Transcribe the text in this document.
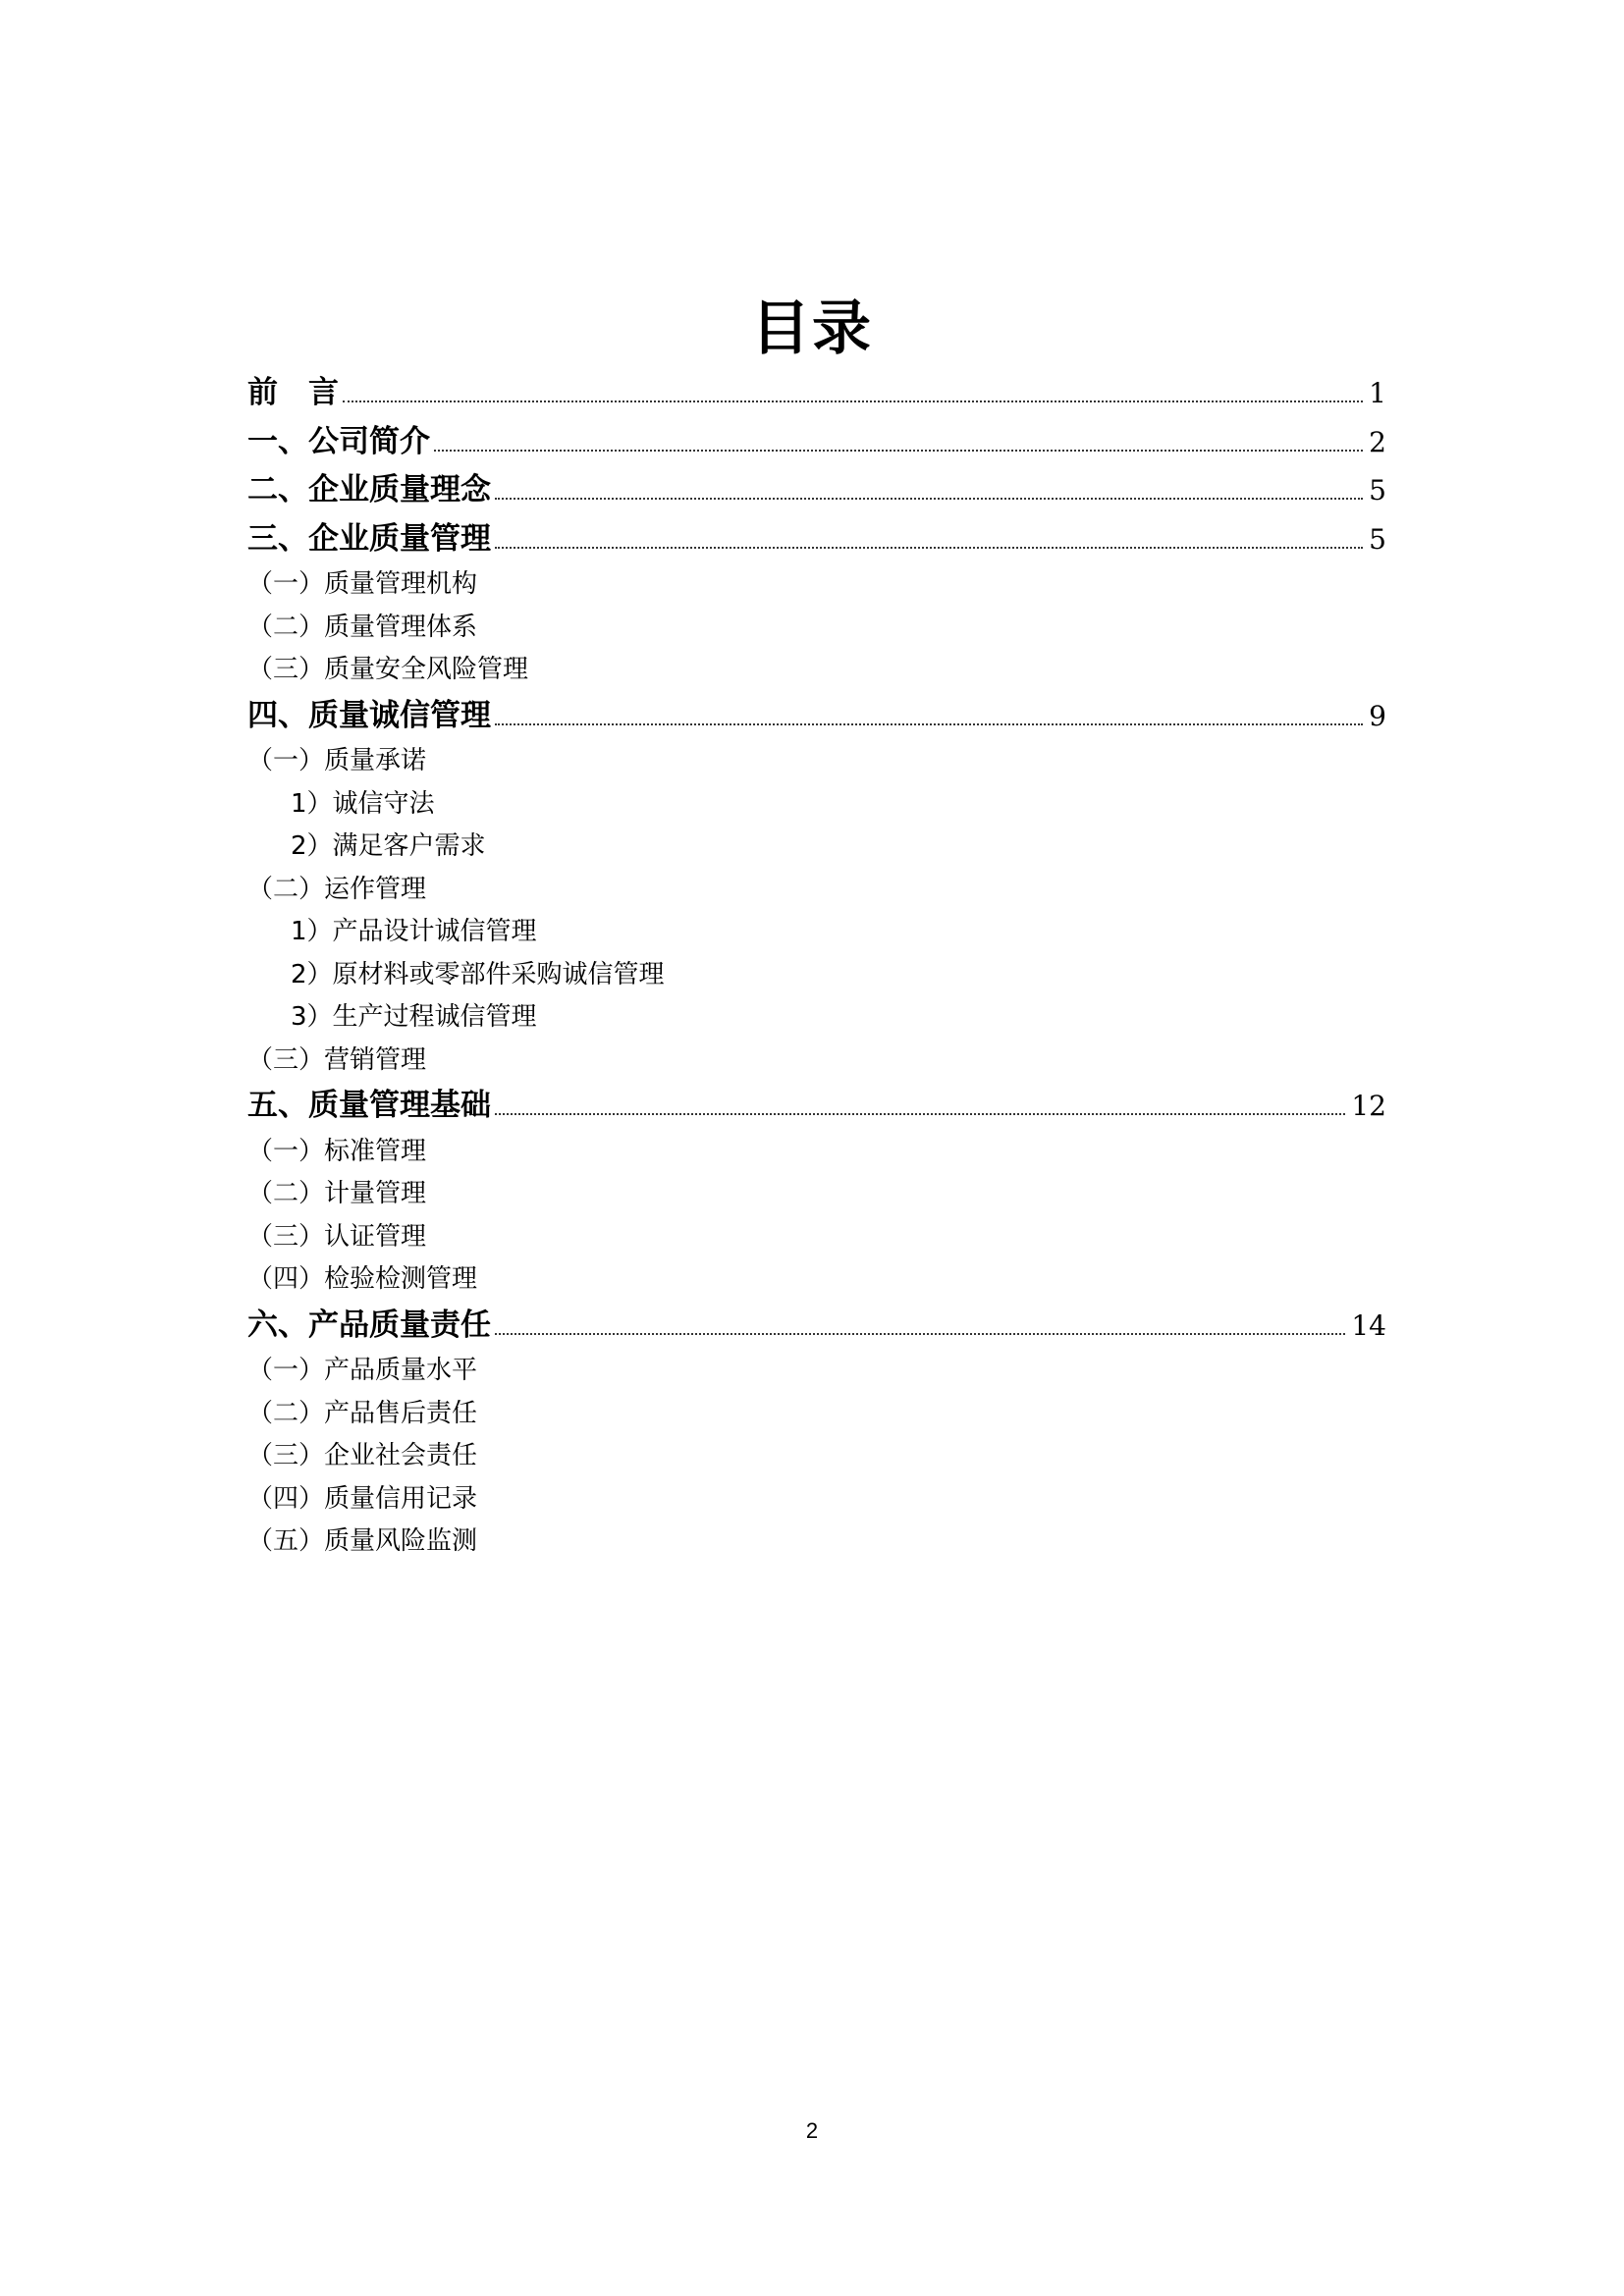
目录
前　言	1
一、公司简介	2
二、企业质量理念	5
三、企业质量管理	5
（一）质量管理机构
（二）质量管理体系
（三）质量安全风险管理
四、质量诚信管理	9
（一）质量承诺
1）诚信守法
2）满足客户需求
（二）运作管理
1）产品设计诚信管理
2）原材料或零部件采购诚信管理
3）生产过程诚信管理
（三）营销管理
五、质量管理基础	12
（一）标准管理
（二）计量管理
（三）认证管理
（四）检验检测管理
六、产品质量责任	14
（一）产品质量水平
（二）产品售后责任
（三）企业社会责任
（四）质量信用记录
（五）质量风险监测
2
